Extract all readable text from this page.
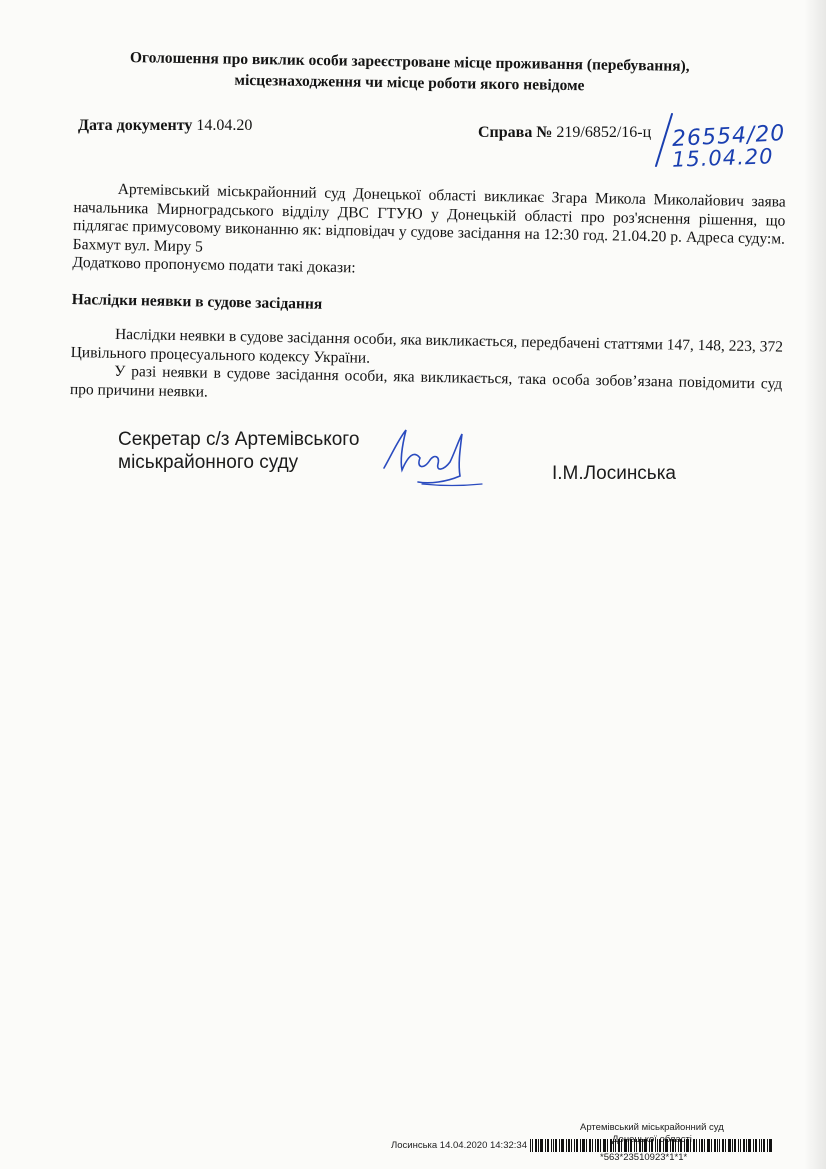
Оголошення про виклик особи зареєстроване місце проживання (перебування),
місцезнаходження чи місце роботи якого невідоме
Дата документу 14.04.20	Справа № 219/6852/16-ц 26554/20
15.04.20

Артемівський міськрайонний суд Донецької області викликає Згара Микола Миколайович заява начальника Мирноградського відділу ДВС ГТУЮ у Донецькій області про роз'яснення рішення, що підлягає примусовому виконанню як: відповідач у судове засідання на 12:30 год. 21.04.20 р. Адреса суду:м. Бахмут вул. Миру 5

Додатково пропонуємо подати такі докази:

Наслідки неявки в судове засідання

Наслідки неявки в судове засідання особи, яка викликається, передбачені статтями 147, 148, 223, 372 Цивільного процесуального кодексу України.

У разі неявки в судове засідання особи, яка викликається, така особа зобов’язана повідомити суд про причини неявки.

Секретар с/з Артемівського
міськрайонного суду
І.М.Лосинська
Артемівський міськрайонний суд
Донецької
Лосинська 14.04.2020 14:32:34
*563*23510923*1*1*
